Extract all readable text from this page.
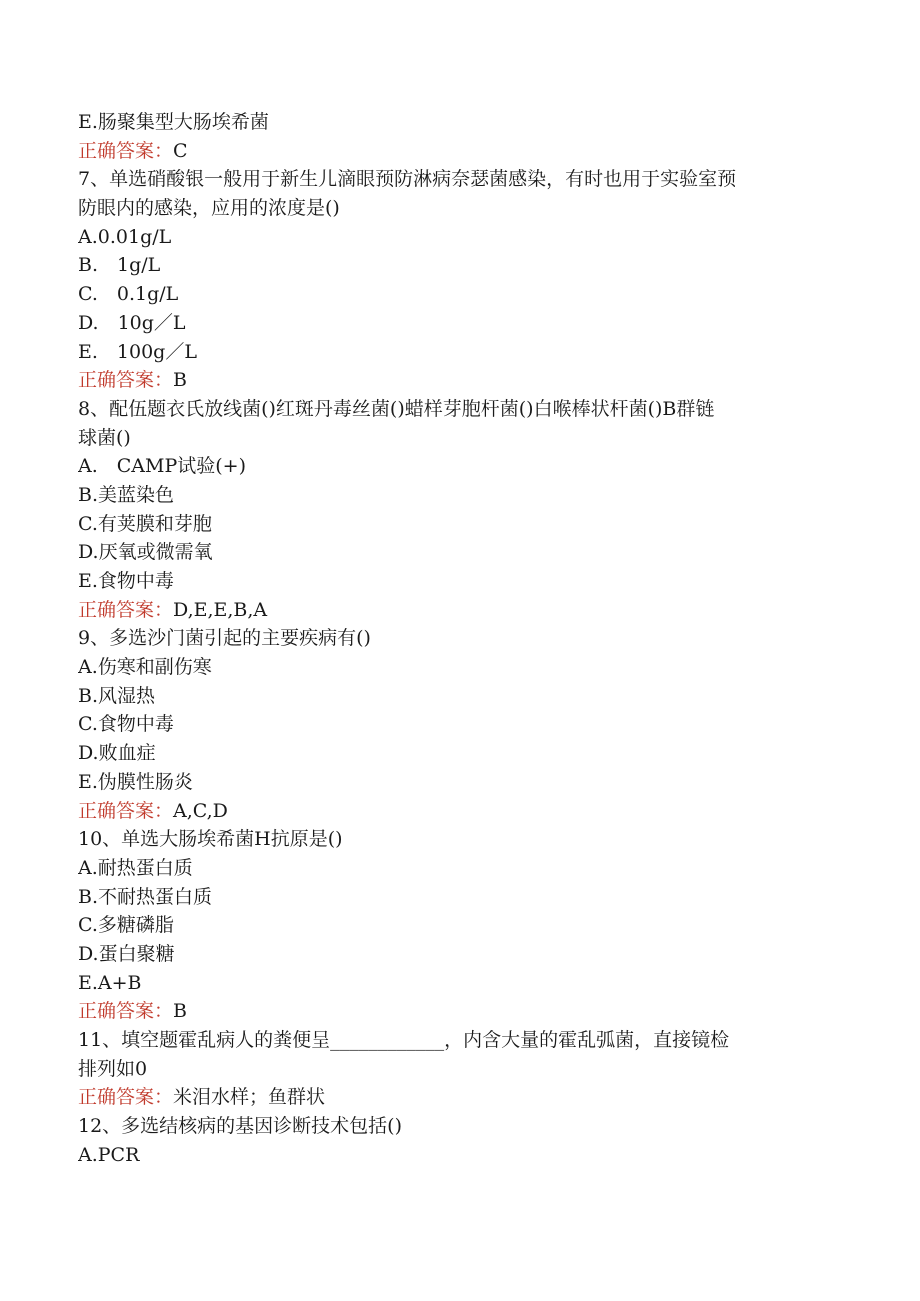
E.肠聚集型大肠埃希菌
正确答案：C
7、单选硝酸银一般用于新生儿滴眼预防淋病奈瑟菌感染，有时也用于实验室预
防眼内的感染，应用的浓度是()
A.0.01g/L
B.　1g/L
C.　0.1g/L
D.　10g／L
E.　100g／L
正确答案：B
8、配伍题衣氏放线菌()红斑丹毒丝菌()蜡样芽胞杆菌()白喉棒状杆菌()B群链
球菌()
A.　CAMP试验(+)
B.美蓝染色
C.有荚膜和芽胞
D.厌氧或微需氧
E.食物中毒
正确答案：D,E,E,B,A
9、多选沙门菌引起的主要疾病有()
A.伤寒和副伤寒
B.风湿热
C.食物中毒
D.败血症
E.伪膜性肠炎
正确答案：A,C,D
10、单选大肠埃希菌H抗原是()
A.耐热蛋白质
B.不耐热蛋白质
C.多糖磷脂
D.蛋白聚糖
E.A+B
正确答案：B
11、填空题霍乱病人的粪便呈____________，内含大量的霍乱弧菌，直接镜检
排列如0
正确答案：米泪水样；鱼群状
12、多选结核病的基因诊断技术包括()
A.PCR
